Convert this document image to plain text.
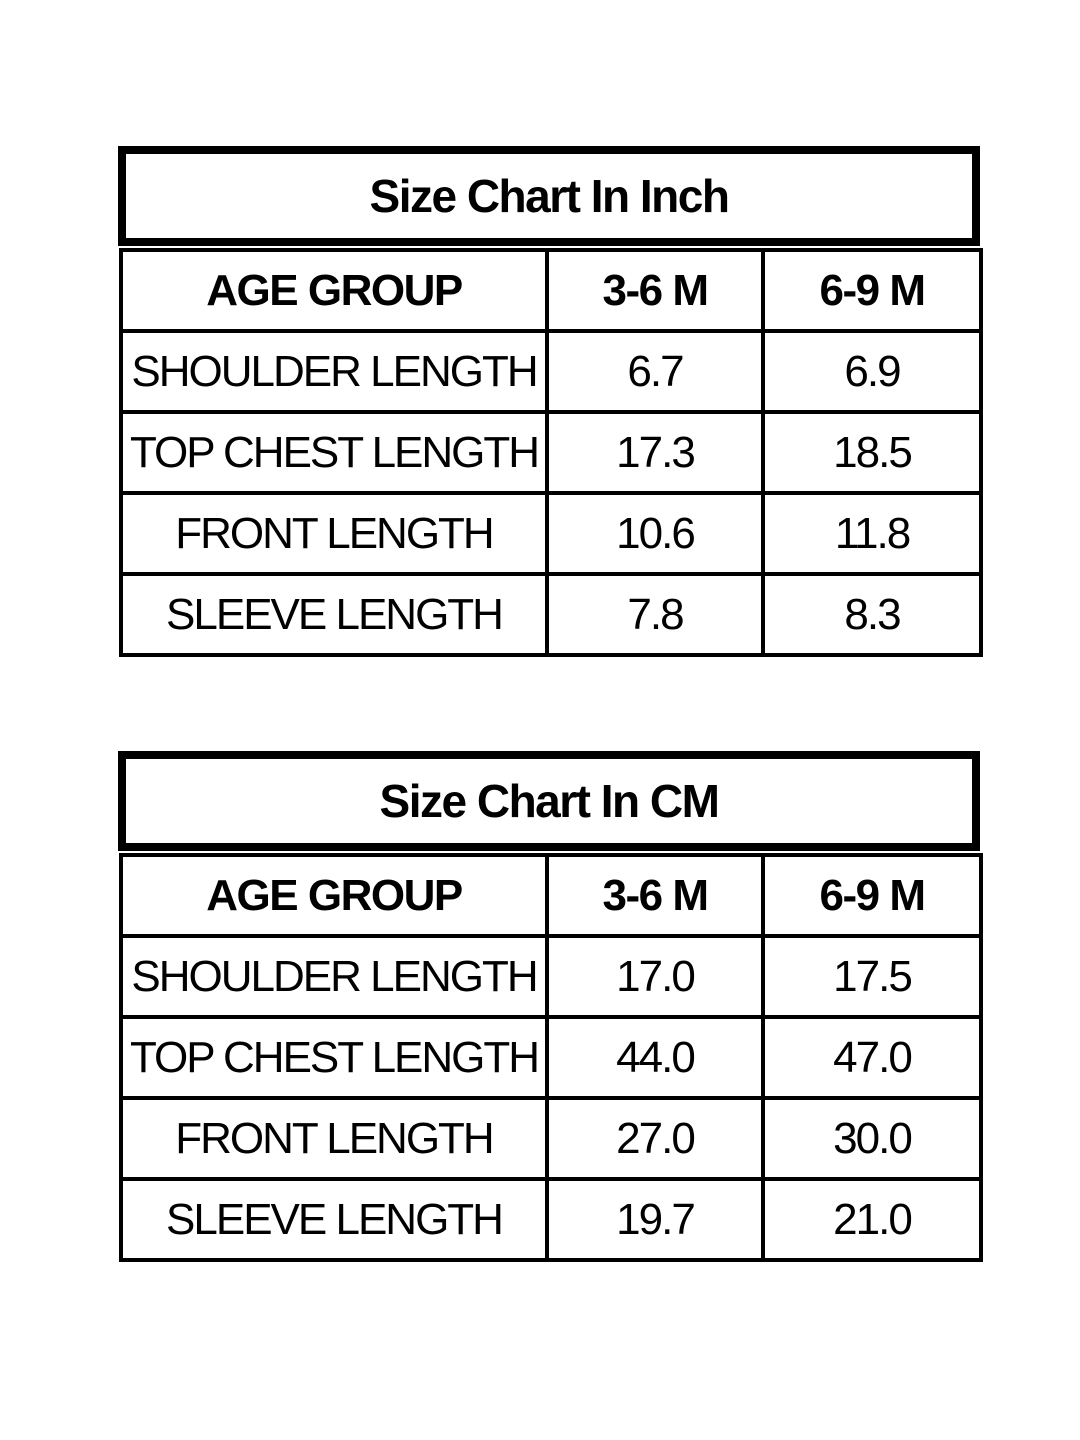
Size Chart In Inch
AGE GROUP	3-6 M	6-9 M
SHOULDER LENGTH	6.7	6.9
TOP CHEST LENGTH	17.3	18.5
FRONT LENGTH	10.6	11.8
SLEEVE LENGTH	7.8	8.3
Size Chart In CM
AGE GROUP	3-6 M	6-9 M
SHOULDER LENGTH	17.0	17.5
TOP CHEST LENGTH	44.0	47.0
FRONT LENGTH	27.0	30.0
SLEEVE LENGTH	19.7	21.0
